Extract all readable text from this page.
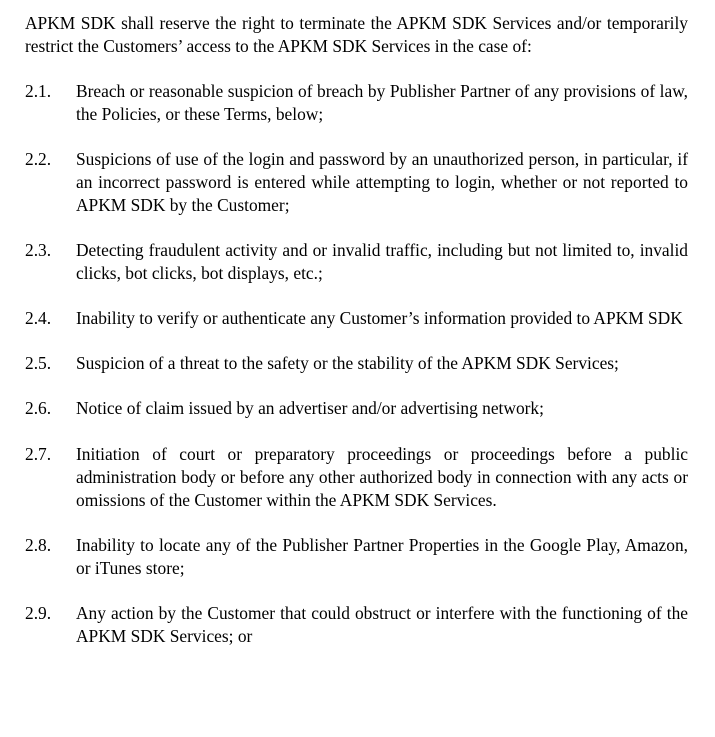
APKM SDK shall reserve the right to terminate the APKM SDK Services and/or temporarily restrict the Customers’ access to the APKM SDK Services in the case of:

2.1.	Breach or reasonable suspicion of breach by Publisher Partner of any provisions of law, the Policies, or these Terms, below;
2.2.	Suspicions of use of the login and password by an unauthorized person, in particular, if an incorrect password is entered while attempting to login, whether or not reported to APKM SDK by the Customer;
2.3.	Detecting fraudulent activity and or invalid traffic, including but not limited to, invalid clicks, bot clicks, bot displays, etc.;
2.4.	Inability to verify or authenticate any Customer’s information provided to APKM SDK
2.5.	Suspicion of a threat to the safety or the stability of the APKM SDK Services;
2.6.	Notice of claim issued by an advertiser and/or advertising network;
2.7.	Initiation of court or preparatory proceedings or proceedings before a public administration body or before any other authorized body in connection with any acts or omissions of the Customer within the APKM SDK Services.
2.8.	Inability to locate any of the Publisher Partner Properties in the Google Play, Amazon, or iTunes store;
2.9.	Any action by the Customer that could obstruct or interfere with the functioning of the APKM SDK Services; or
